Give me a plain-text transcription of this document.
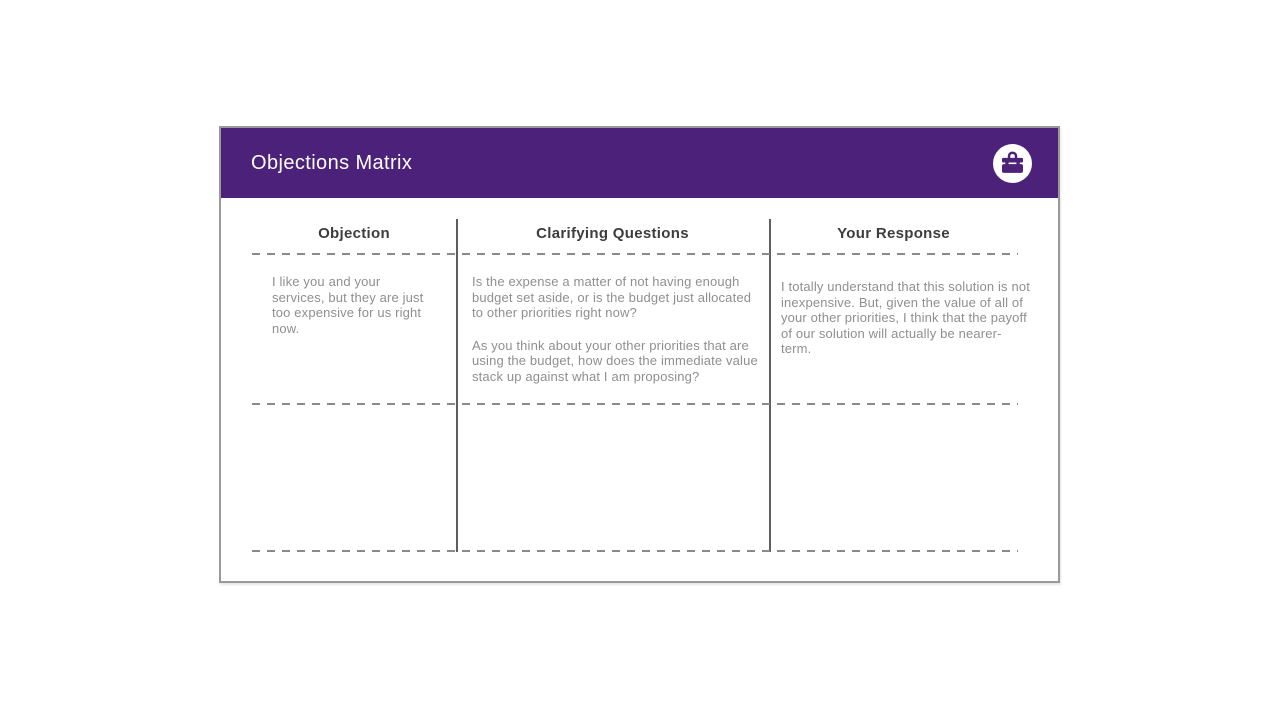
Objections Matrix
Objection	Clarifying Questions	Your Response

I like you and your services, but they are just too expensive for us right now.

Is the expense a matter of not having enough budget set aside, or is the budget just allocated to other priorities right now?

As you think about your other priorities that are using the budget, how does the immediate value stack up against what I am proposing?

I totally understand that this solution is not inexpensive. But, given the value of all of your other priorities, I think that the payoff of our solution will actually be nearer-term.
